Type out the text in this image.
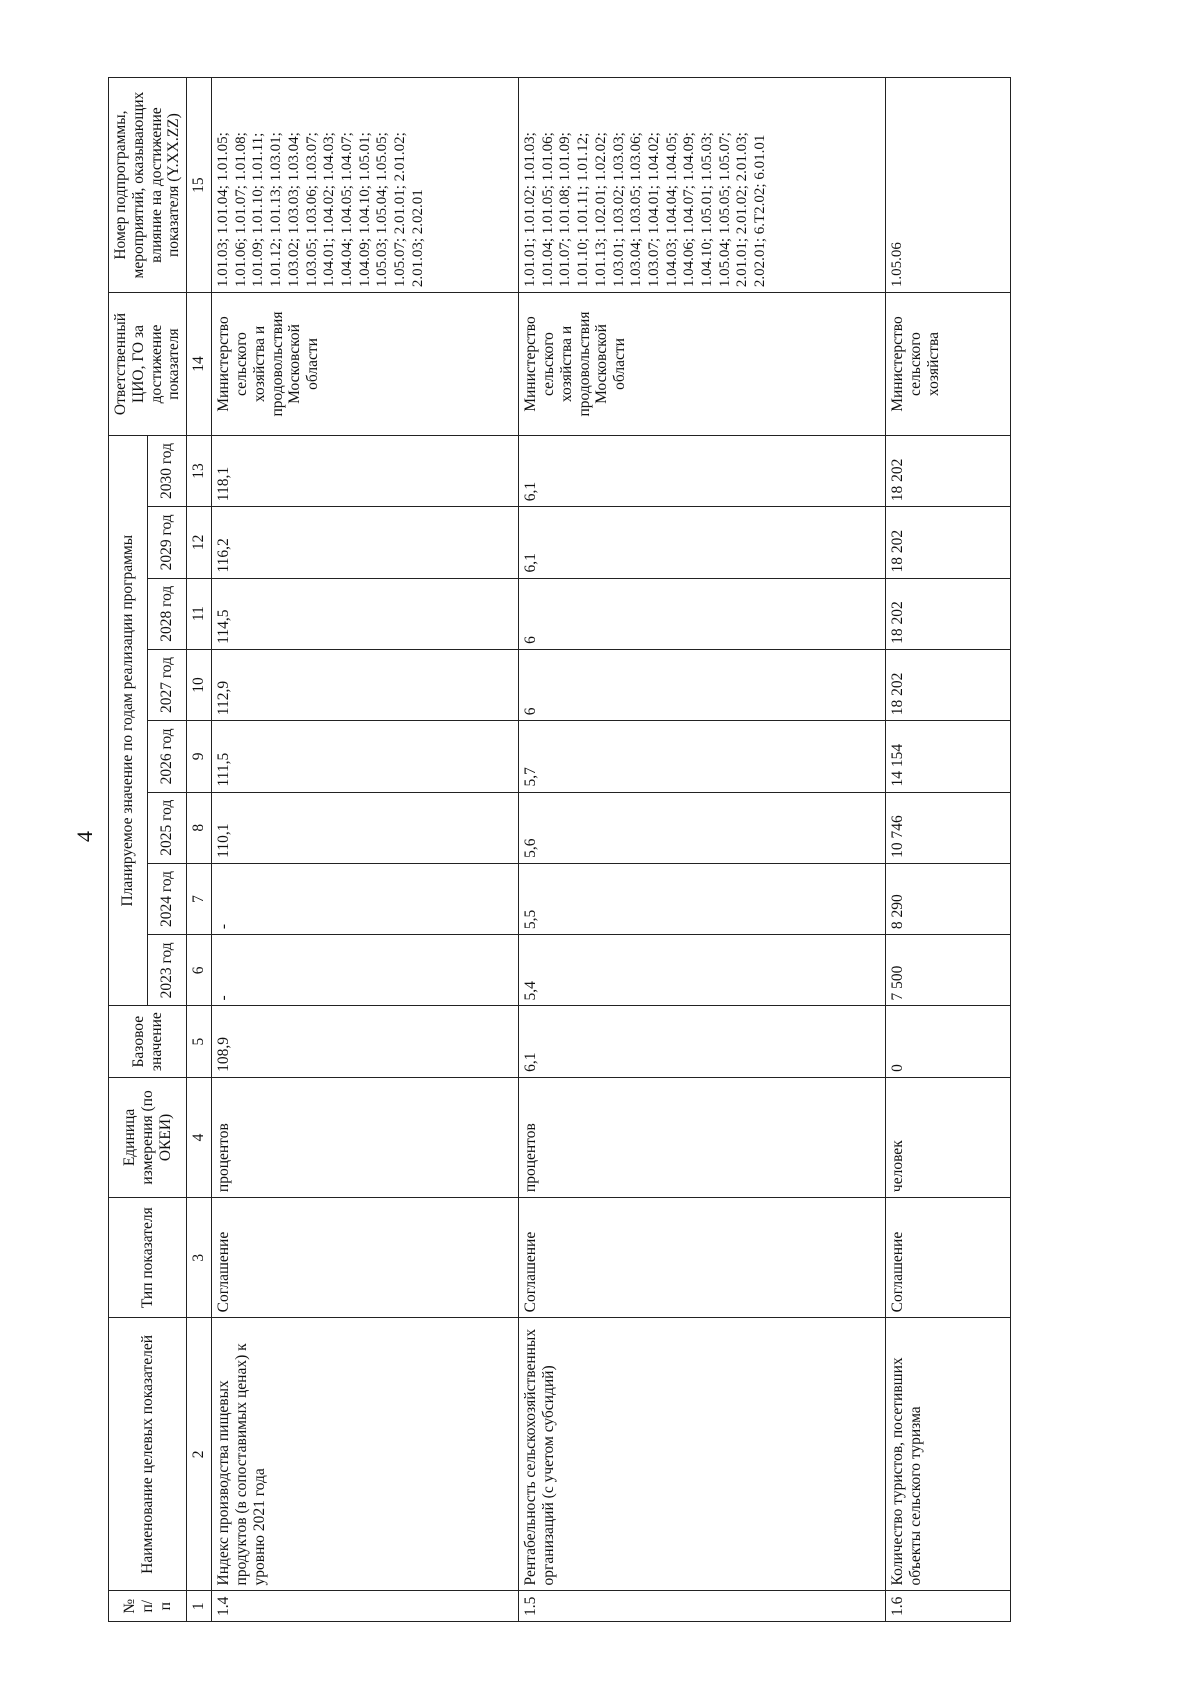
4
№ п/п	Наименование целевых показателей	Тип показателя	Единица измерения (по ОКЕИ)	Базовое значение	Планируемое значение по годам реализации программы								Ответственный ЦИО, ГО за достижение показателя	Номер подпрограммы, мероприятий, оказывающих влияние на достижение показателя (Y.XX.ZZ)
					2023 год	2024 год	2025 год	2026 год	2027 год	2028 год	2029 год	2030 год		
1	2	3	4	5	6	7	8	9	10	11	12	13	14	15
1.4	Индекс производства пищевых продуктов (в сопоставимых ценах) к уровню 2021 года	Соглашение	процентов	108,9	-	-	110,1	111,5	112,9	114,5	116,2	118,1	Министерство сельского хозяйства и продовольствия Московской области	1.01.03; 1.01.04; 1.01.05; 1.01.06; 1.01.07; 1.01.08; 1.01.09; 1.01.10; 1.01.11; 1.01.12; 1.01.13; 1.03.01; 1.03.02; 1.03.03; 1.03.04; 1.03.05; 1.03.06; 1.03.07; 1.04.01; 1.04.02; 1.04.03; 1.04.04; 1.04.05; 1.04.07; 1.04.09; 1.04.10; 1.05.01; 1.05.03; 1.05.04; 1.05.05; 1.05.07; 2.01.01; 2.01.02; 2.01.03; 2.02.01
1.5	Рентабельность сельскохозяйственных организаций (с учетом субсидий)	Соглашение	процентов	6,1	5,4	5,5	5,6	5,7	6	6	6,1	6,1	Министерство сельского хозяйства и продовольствия Московской области	1.01.01; 1.01.02; 1.01.03; 1.01.04; 1.01.05; 1.01.06; 1.01.07; 1.01.08; 1.01.09; 1.01.10; 1.01.11; 1.01.12; 1.01.13; 1.02.01; 1.02.02; 1.03.01; 1.03.02; 1.03.03; 1.03.04; 1.03.05; 1.03.06; 1.03.07; 1.04.01; 1.04.02; 1.04.03; 1.04.04; 1.04.05; 1.04.06; 1.04.07; 1.04.09; 1.04.10; 1.05.01; 1.05.03; 1.05.04; 1.05.05; 1.05.07; 2.01.01; 2.01.02; 2.01.03; 2.02.01; 6.Т2.02; 6.01.01
1.6	Количество туристов, посетивших объекты сельского туризма	Соглашение	человек	0	7 500	8 290	10 746	14 154	18 202	18 202	18 202	18 202	Министерство сельского хозяйства	1.05.06
